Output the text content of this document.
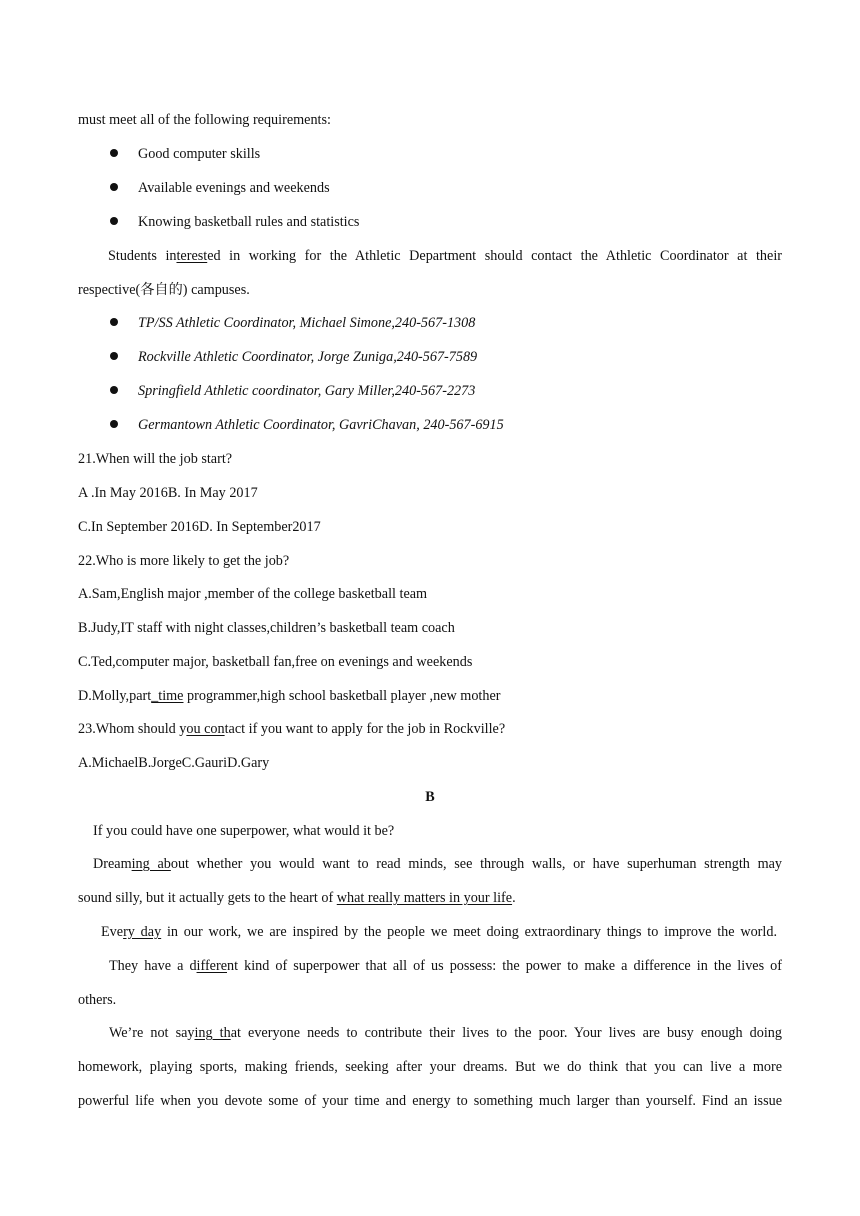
must meet all of the following requirements:
Good computer skills
Available evenings and weekends
Knowing basketball rules and statistics
Students interested in working for the Athletic Department should contact the Athletic Coordinator at their
respective(各自的) campuses.
TP/SS Athletic Coordinator, Michael Simone,240-567-1308
Rockville Athletic Coordinator, Jorge Zuniga,240-567-7589
Springfield Athletic coordinator, Gary Miller,240-567-2273
Germantown Athletic Coordinator, GavriChavan, 240-567-6915
21.When will the job start?
A .In May 2016B. In May 2017
C.In September 2016D. In September2017
22.Who is more likely to get the job?
A.Sam,English major ,member of the college basketball team
B.Judy,IT staff with night classes,children’s basketball team coach
C.Ted,computer major, basketball fan,free on evenings and weekends
D.Molly,part_time programmer,high school basketball player ,new mother
23.Whom should you contact if you want to apply for the job in Rockville?
A.MichaelB.JorgeC.GauriD.Gary
B
If you could have one superpower, what would it be?
Dreaming about whether you would want to read minds, see through walls, or have superhuman strength may
sound silly, but it actually gets to the heart of what really matters in your life.
Every day in our work, we are inspired by the people we meet doing extraordinary things to improve the world.
They have a different kind of superpower that all of us possess: the power to make a difference in the lives of
others.
We’re not saying that everyone needs to contribute their lives to the poor. Your lives are busy enough doing
homework, playing sports, making friends, seeking after your dreams. But we do think that you can live a more
powerful life when you devote some of your time and energy to something much larger than yourself. Find an issue
